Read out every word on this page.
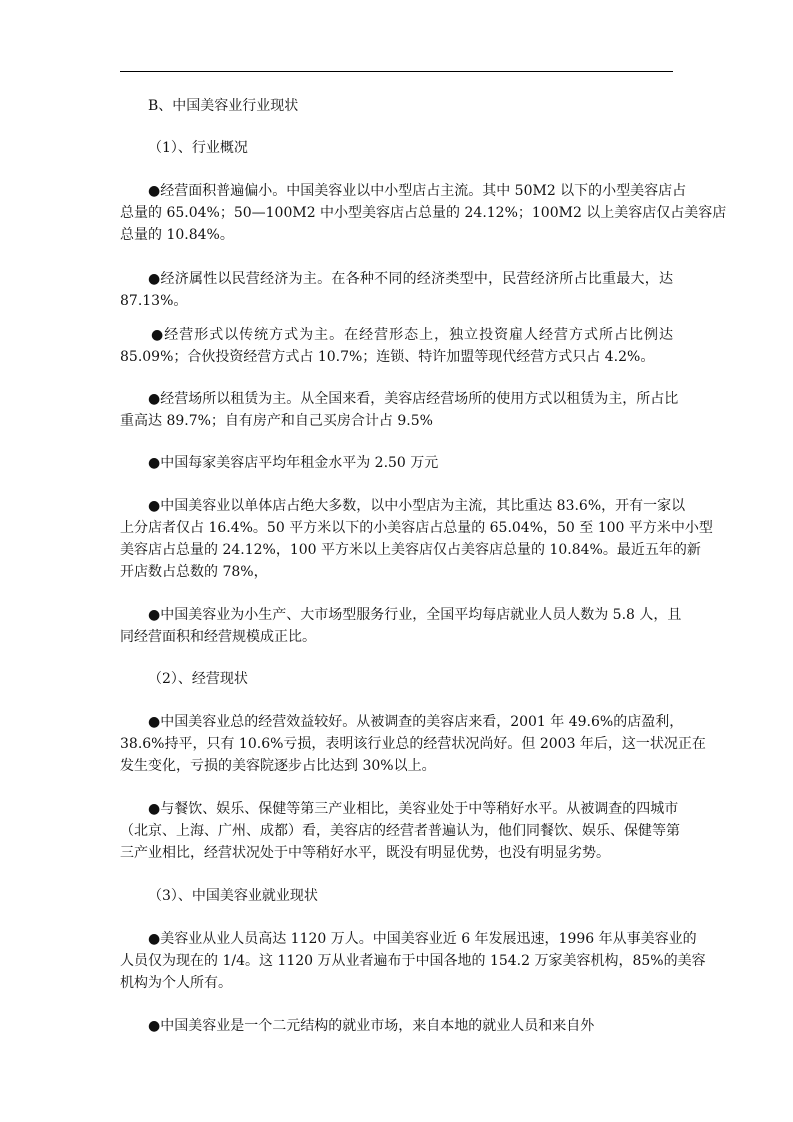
B、中国美容业行业现状
（1）、行业概况
●经营面积普遍偏小。中国美容业以中小型店占主流。其中 50M2 以下的小型美容店占
总量的 65.04%；50—100M2 中小型美容店占总量的 24.12%；100M2 以上美容店仅占美容店
总量的 10.84%。
●经济属性以民营经济为主。在各种不同的经济类型中，民营经济所占比重最大，达
87.13%。
●经营形式以传统方式为主。在经营形态上，独立投资雇人经营方式所占比例达
85.09%；合伙投资经营方式占 10.7%；连锁、特许加盟等现代经营方式只占 4.2%。
●经营场所以租赁为主。从全国来看，美容店经营场所的使用方式以租赁为主，所占比
重高达 89.7%；自有房产和自己买房合计占 9.5%
●中国每家美容店平均年租金水平为 2.50 万元
●中国美容业以单体店占绝大多数，以中小型店为主流，其比重达 83.6%，开有一家以
上分店者仅占 16.4%。50 平方米以下的小美容店占总量的 65.04%，50 至 100 平方米中小型
美容店占总量的 24.12%，100 平方米以上美容店仅占美容店总量的 10.84%。最近五年的新
开店数占总数的 78%，
●中国美容业为小生产、大市场型服务行业，全国平均每店就业人员人数为 5.8 人，且
同经营面积和经营规模成正比。
（2）、经营现状
●中国美容业总的经营效益较好。从被调查的美容店来看，2001 年 49.6%的店盈利，
38.6%持平，只有 10.6%亏损，表明该行业总的经营状况尚好。但 2003 年后，这一状况正在
发生变化，亏损的美容院逐步占比达到 30%以上。
●与餐饮、娱乐、保健等第三产业相比，美容业处于中等稍好水平。从被调查的四城市
（北京、上海、广州、成都）看，美容店的经营者普遍认为，他们同餐饮、娱乐、保健等第
三产业相比，经营状况处于中等稍好水平，既没有明显优势，也没有明显劣势。
（3）、中国美容业就业现状
●美容业从业人员高达 1120 万人。中国美容业近 6 年发展迅速，1996 年从事美容业的
人员仅为现在的 1/4。这 1120 万从业者遍布于中国各地的 154.2 万家美容机构，85%的美容
机构为个人所有。
●中国美容业是一个二元结构的就业市场，来自本地的就业人员和来自外
